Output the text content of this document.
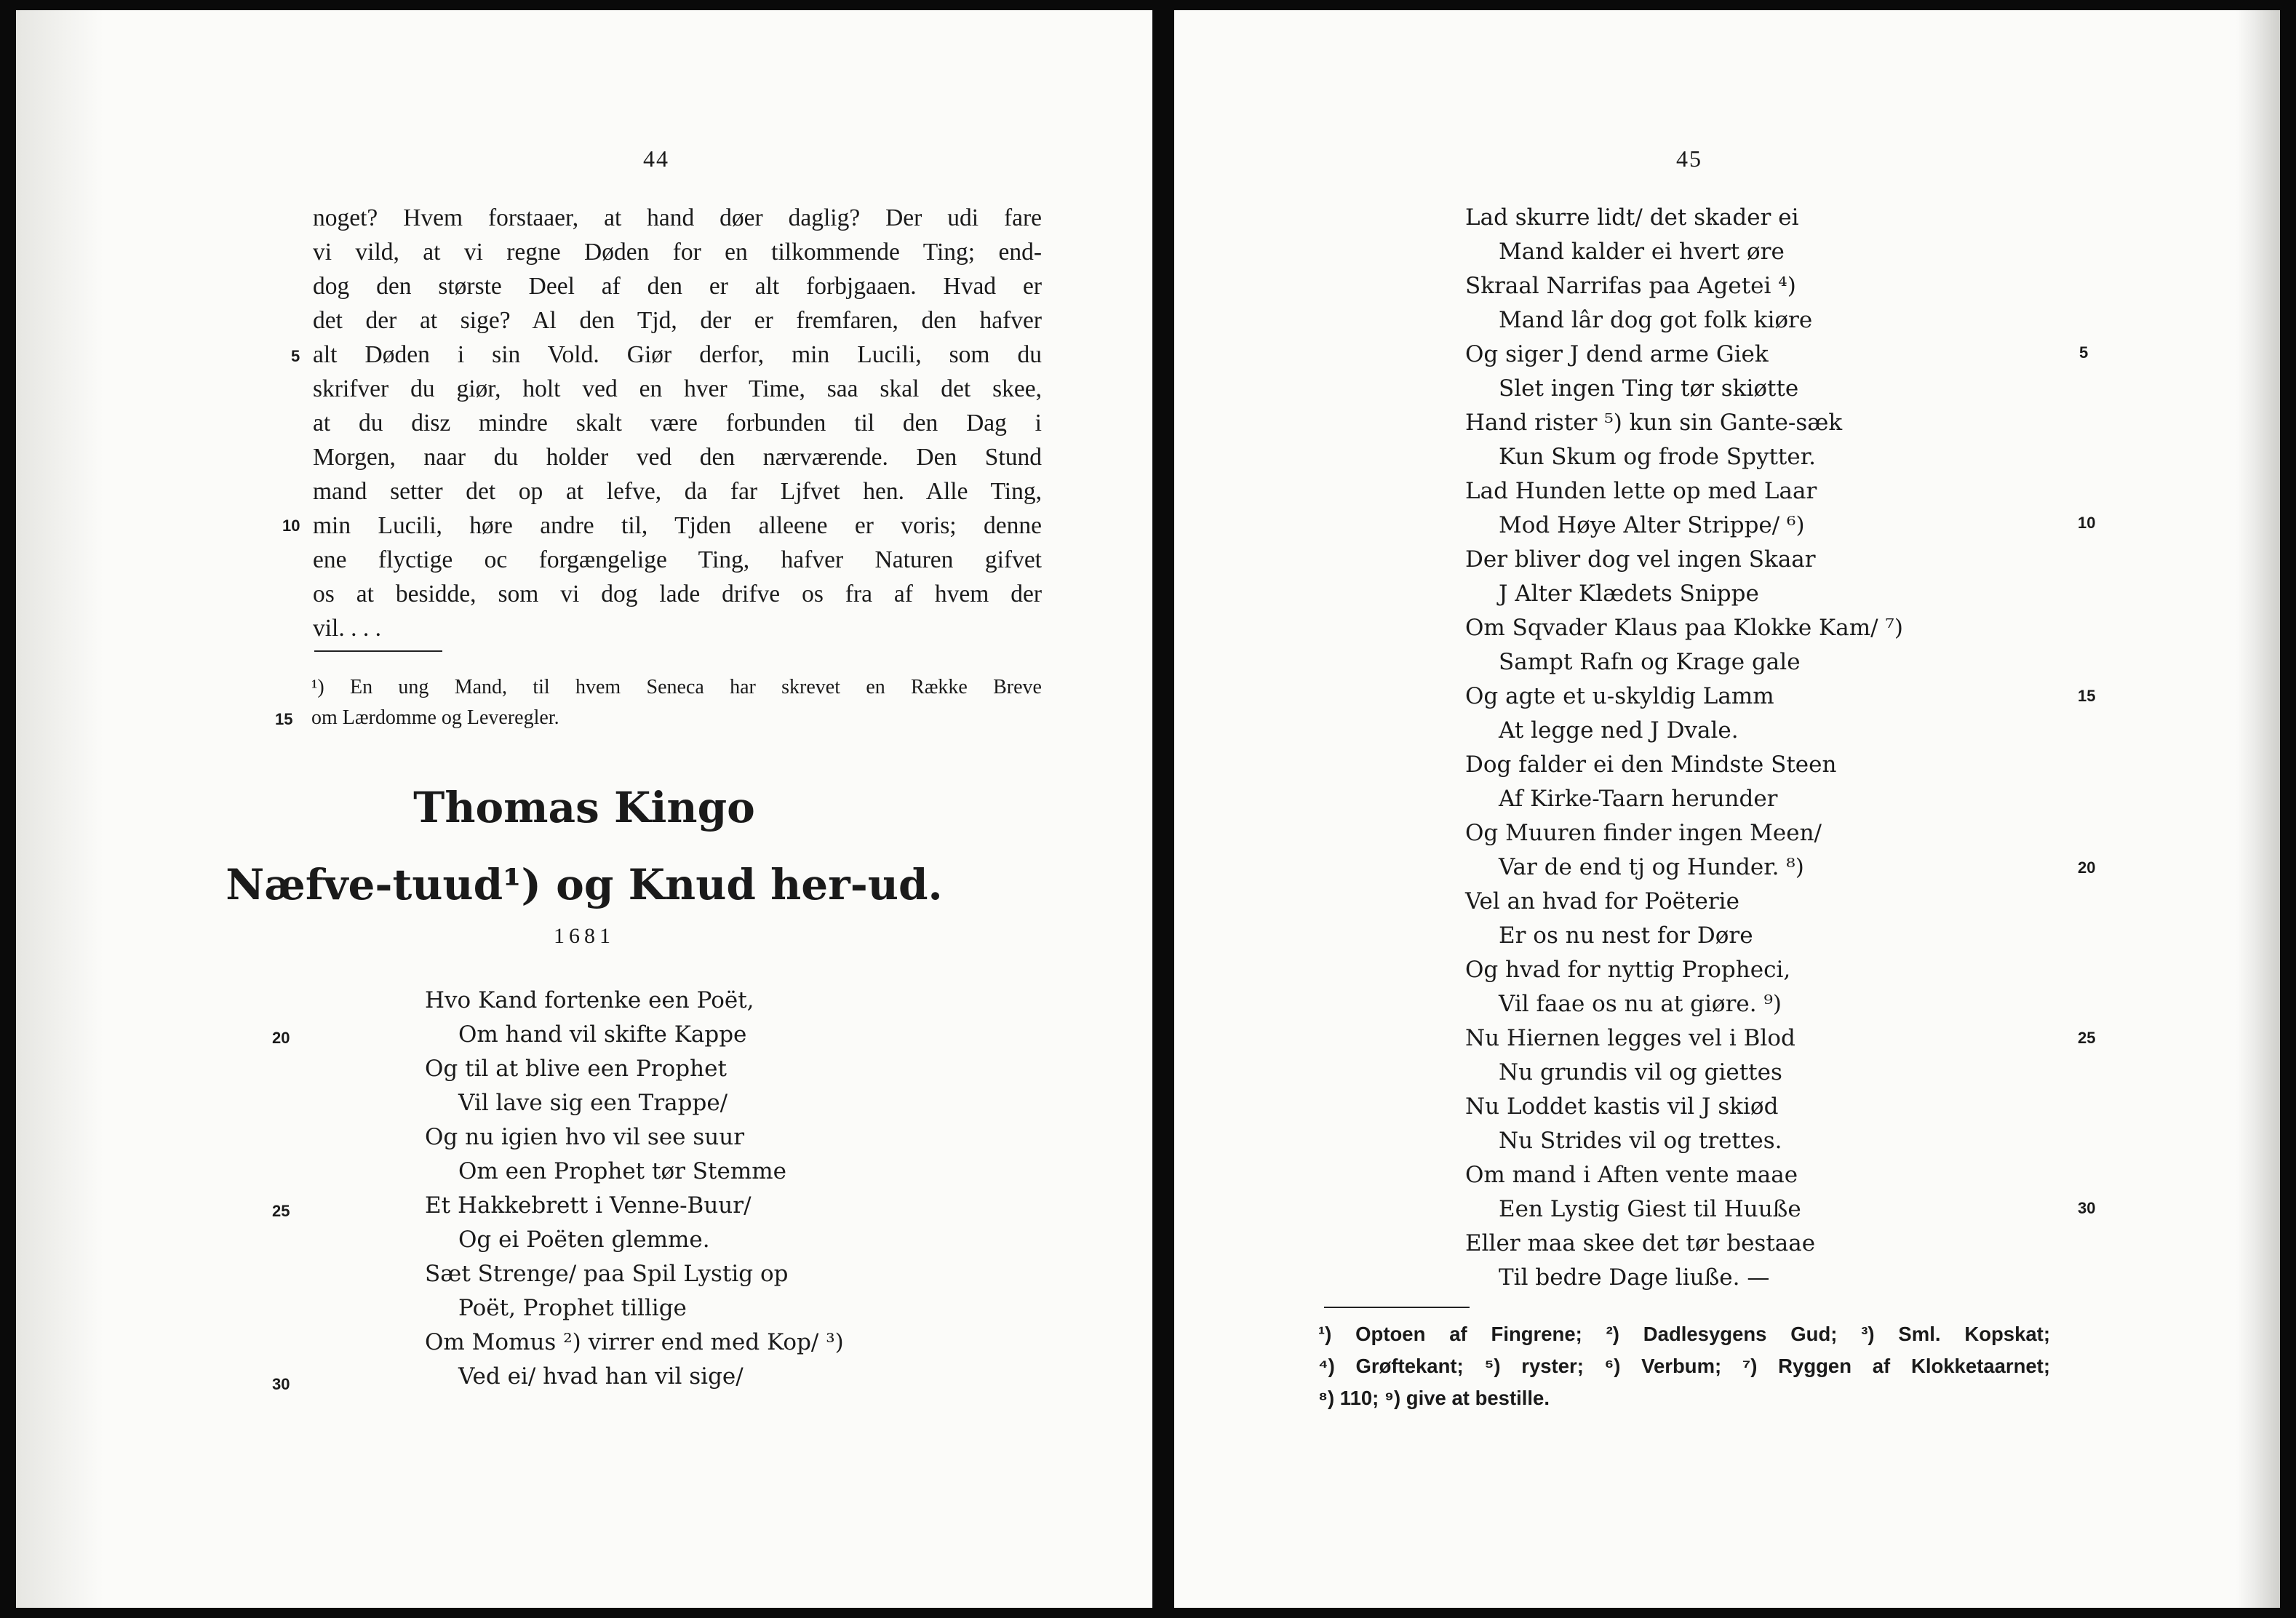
44
noget? Hvem forstaaer, at hand døer daglig? Der udi fare
vi vild, at vi regne Døden for en tilkommende Ting; end-
dog den største Deel af den er alt forbjgaaen. Hvad er
det der at sige? Al den Tjd, der er fremfaren, den hafver
alt Døden i sin Vold. Giør derfor, min Lucili, som du
skrifver du giør, holt ved en hver Time, saa skal det skee,
at du disz mindre skalt være forbunden til den Dag i
Morgen, naar du holder ved den nærværende. Den Stund
mand setter det op at lefve, da far Ljfvet hen. Alle Ting,
min Lucili, høre andre til, Tjden alleene er voris; denne
ene flyctige oc forgængelige Ting, hafver Naturen gifvet
os at besidde, som vi dog lade drifve os fra af hvem der
vil. . . .
5
10
15
20
25
30
¹) En ung Mand, til hvem Seneca har skrevet en Række Breve
om Lærdomme og Leveregler.
Thomas Kingo
Næfve-tuud¹) og Knud her-ud.
1681
Hvo Kand fortenke een Poët,
Om hand vil skifte Kappe
Og til at blive een Prophet
Vil lave sig een Trappe/
Og nu igien hvo vil see suur
Om een Prophet tør Stemme
Et Hakkebrett i Venne-Buur/
Og ei Poëten glemme.
Sæt Strenge/ paa Spil Lystig op
Poët, Prophet tillige
Om Momus ²) virrer end med Kop/ ³)
Ved ei/ hvad han vil sige/
45
Lad skurre lidt/ det skader ei
Mand kalder ei hvert øre
Skraal Narrifas paa Agetei ⁴)
Mand lâr dog got folk kiøre
Og siger J dend arme Giek
Slet ingen Ting tør skiøtte
Hand rister ⁵) kun sin Gante-sæk
Kun Skum og frode Spytter.
Lad Hunden lette op med Laar
Mod Høye Alter Strippe/ ⁶)
Der bliver dog vel ingen Skaar
J Alter Klædets Snippe
Om Sqvader Klaus paa Klokke Kam/ ⁷)
Sampt Rafn og Krage gale
Og agte et u-skyldig Lamm
At legge ned J Dvale.
Dog falder ei den Mindste Steen
Af Kirke-Taarn herunder
Og Muuren finder ingen Meen/
Var de end tj og Hunder. ⁸)
Vel an hvad for Poëterie
Er os nu nest for Døre
Og hvad for nyttig Propheci,
Vil faae os nu at giøre. ⁹)
Nu Hiernen legges vel i Blod
Nu grundis vil og giettes
Nu Loddet kastis vil J skiød
Nu Strides vil og trettes.
Om mand i Aften vente maae
Een Lystig Giest til Huuße
Eller maa skee det tør bestaae
Til bedre Dage liuße. —
5
10
15
20
25
30
¹) Optoen af Fingrene; ²) Dadlesygens Gud; ³) Sml. Kopskat;
⁴) Grøftekant; ⁵) ryster; ⁶) Verbum; ⁷) Ryggen af Klokketaarnet;
⁸) 110; ⁹) give at bestille.
